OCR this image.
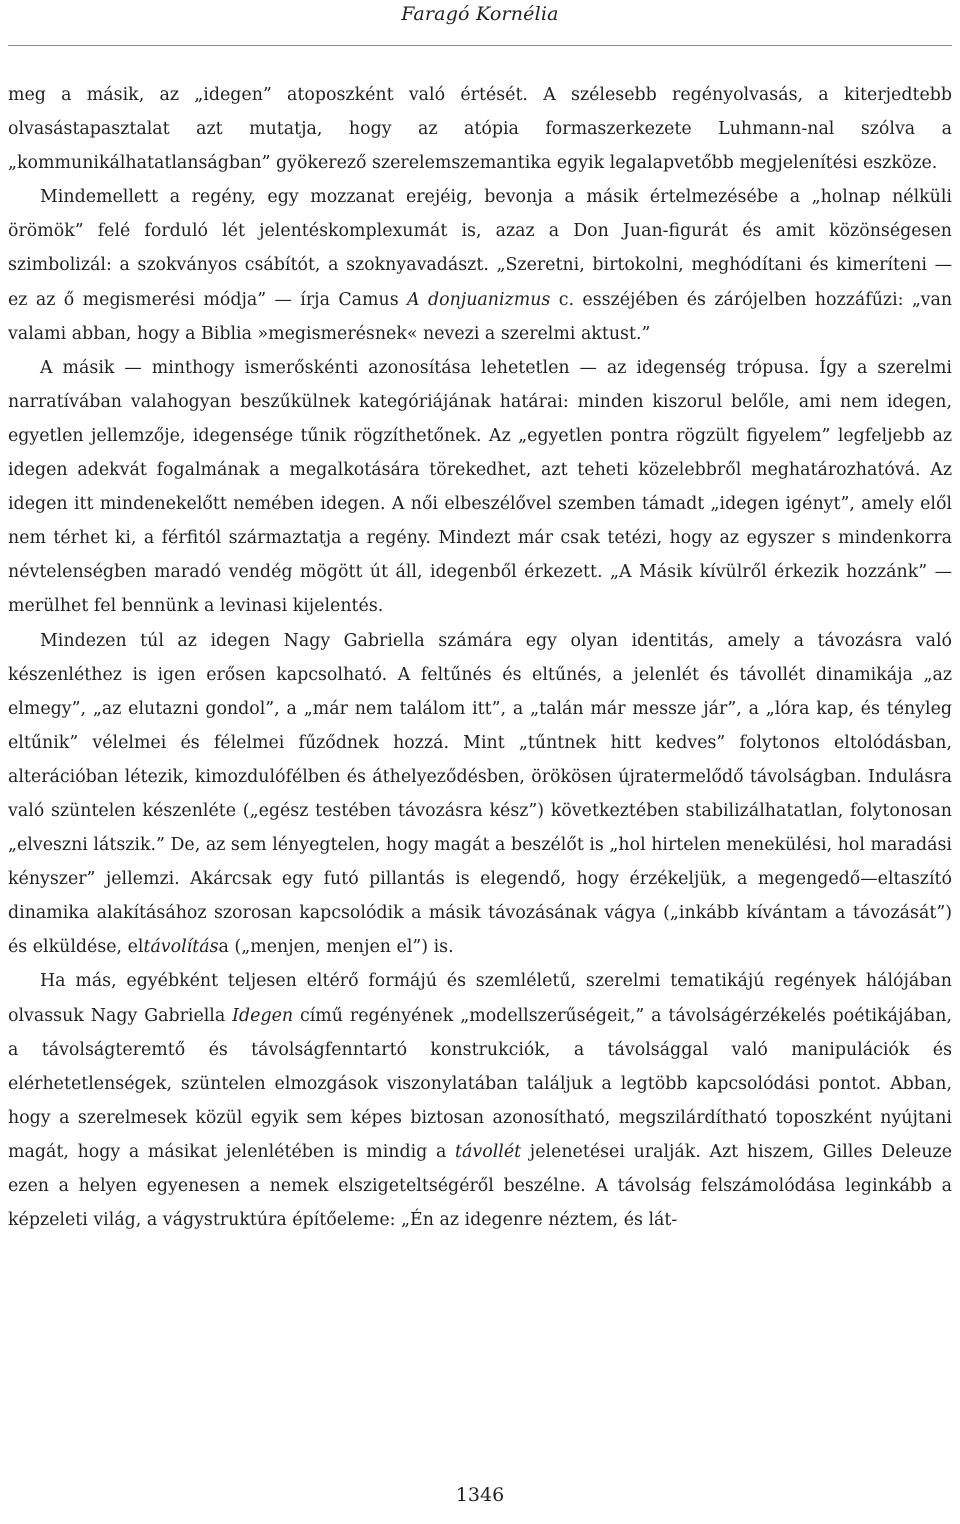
Faragó Kornélia

meg a másik, az „idegen” atoposzként való értését. A szélesebb regényolvasás, a kiterjedtebb olvasástapasztalat azt mutatja, hogy az atópia formaszerkezete Luhmann-nal szólva a „kommunikálhatatlanságban” gyökerező szerelemszemantika egyik legalapvetőbb megjelenítési eszköze.

Mindemellett a regény, egy mozzanat erejéig, bevonja a másik értelmezésébe a „holnap nélküli örömök” felé forduló lét jelentéskomplexumát is, azaz a Don Juan-figurát és amit közönségesen szimbolizál: a szokványos csábítót, a szoknyavadászt. „Szeretni, birtokolni, meghódítani és kimeríteni — ez az ő megismerési módja” — írja Camus A donjuanizmus c. esszéjében és zárójelben hozzáfűzi: „van valami abban, hogy a Biblia »megismerésnek« nevezi a szerelmi aktust.”

A másik — minthogy ismerőskénti azonosítása lehetetlen — az idegenség trópusa. Így a szerelmi narratívában valahogyan beszűkülnek kategóriájának határai: minden kiszorul belőle, ami nem idegen, egyetlen jellemzője, idegensége tűnik rögzíthetőnek. Az „egyetlen pontra rögzült figyelem” legfeljebb az idegen adekvát fogalmának a megalkotására törekedhet, azt teheti közelebbről meghatározhatóvá. Az idegen itt mindenekelőtt nemében idegen. A női elbeszélővel szemben támadt „idegen igényt”, amely elől nem térhet ki, a férfitól származtatja a regény. Mindezt már csak tetézi, hogy az egyszer s mindenkorra névtelenségben maradó vendég mögött út áll, idegenből érkezett. „A Másik kívülről érkezik hozzánk” — merülhet fel bennünk a levinasi kijelentés.

Mindezen túl az idegen Nagy Gabriella számára egy olyan identitás, amely a távozásra való készenléthez is igen erősen kapcsolható. A feltűnés és eltűnés, a jelenlét és távollét dinamikája „az elmegy”, „az elutazni gondol”, a „már nem találom itt”, a „talán már messze jár”, a „lóra kap, és tényleg eltűnik” vélelmei és félelmei fűződnek hozzá. Mint „tűntnek hitt kedves” folytonos eltolódásban, alterációban létezik, kimozdulófélben és áthelyeződésben, örökösen újratermelődő távolságban. Indulásra való szüntelen készenléte („egész testében távozásra kész”) következtében stabilizálhatatlan, folytonosan „elveszni látszik.” De, az sem lényegtelen, hogy magát a beszélőt is „hol hirtelen menekülési, hol maradási kényszer” jellemzi. Akárcsak egy futó pillantás is elegendő, hogy érzékeljük, a megengedő—eltaszító dinamika alakításához szorosan kapcsolódik a másik távozásának vágya („inkább kívántam a távozását”) és elküldése, eltávolítása („menjen, menjen el”) is.

Ha más, egyébként teljesen eltérő formájú és szemléletű, szerelmi tematikájú regények hálójában olvassuk Nagy Gabriella Idegen című regényének „modellszerűségeit,” a távolságérzékelés poétikájában, a távolságteremtő és távolságfenntartó konstrukciók, a távolsággal való manipulációk és elérhetetlenségek, szüntelen elmozgások viszonylatában találjuk a legtöbb kapcsolódási pontot. Abban, hogy a szerelmesek közül egyik sem képes biztosan azonosítható, megszilárdítható toposzként nyújtani magát, hogy a másikat jelenlétében is mindig a távollét jelenetései uralják. Azt hiszem, Gilles Deleuze ezen a helyen egyenesen a nemek elszigeteltségéről beszélne. A távolság felszámolódása leginkább a képzeleti világ, a vágystruktúra építőeleme: „Én az idegenre néztem, és lát-

1346
